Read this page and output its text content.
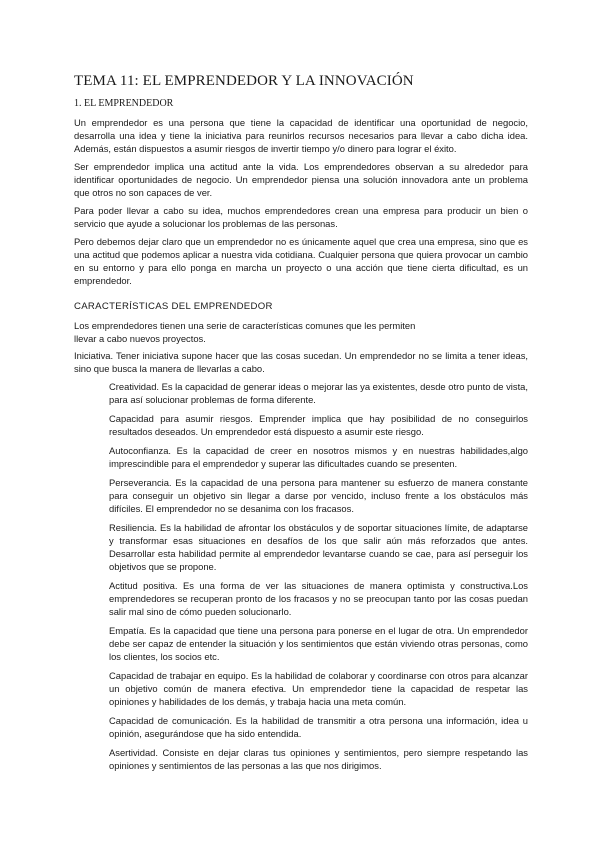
TEMA 11: EL EMPRENDEDOR Y LA INNOVACIÓN
1. EL EMPRENDEDOR

Un emprendedor es una persona que tiene la capacidad de identificar una oportunidad de negocio, desarrolla una idea y tiene la iniciativa para reunirlos recursos necesarios para llevar a cabo dicha idea. Además, están dispuestos a asumir riesgos de invertir tiempo y/o dinero para lograr el éxito.

Ser emprendedor implica una actitud ante la vida. Los emprendedores observan a su alrededor para identificar oportunidades de negocio. Un emprendedor piensa una solución innovadora ante un problema que otros no son capaces de ver.

Para poder llevar a cabo su idea, muchos emprendedores crean una empresa para producir un bien o servicio que ayude a solucionar los problemas de las personas.

Pero debemos dejar claro que un emprendedor no es únicamente aquel que crea una empresa, sino que es una actitud que podemos aplicar a nuestra vida cotidiana. Cualquier persona que quiera provocar un cambio en su entorno y para ello ponga en marcha un proyecto o una acción que tiene cierta dificultad, es un emprendedor.

CARACTERÍSTICAS DEL EMPRENDEDOR
Los emprendedores tienen una serie de características comunes que les permiten
llevar a cabo nuevos proyectos.

Iniciativa. Tener iniciativa supone hacer que las cosas sucedan. Un emprendedor no se limita a tener ideas, sino que busca la manera de llevarlas a cabo.

Creatividad. Es la capacidad de generar ideas o mejorar las ya existentes, desde otro punto de vista, para así solucionar problemas de forma diferente.

Capacidad para asumir riesgos. Emprender implica que hay posibilidad de no conseguirlos resultados deseados. Un emprendedor está dispuesto a asumir este riesgo.

Autoconfianza. Es la capacidad de creer en nosotros mismos y en nuestras habilidades,algo imprescindible para el emprendedor y superar las dificultades cuando se presenten.

Perseverancia. Es la capacidad de una persona para mantener su esfuerzo de manera constante para conseguir un objetivo sin llegar a darse por vencido, incluso frente a los obstáculos más difíciles. El emprendedor no se desanima con los fracasos.

Resiliencia. Es la habilidad de afrontar los obstáculos y de soportar situaciones límite, de adaptarse y transformar esas situaciones en desafíos de los que salir aún más reforzados que antes. Desarrollar esta habilidad permite al emprendedor levantarse cuando se cae, para así perseguir los objetivos que se propone.

Actitud positiva. Es una forma de ver las situaciones de manera optimista y constructiva.Los emprendedores se recuperan pronto de los fracasos y no se preocupan tanto por las cosas puedan salir mal sino de cómo pueden solucionarlo.

Empatía. Es la capacidad que tiene una persona para ponerse en el lugar de otra. Un emprendedor debe ser capaz de entender la situación y los sentimientos que están viviendo otras personas, como los clientes, los socios etc.

Capacidad de trabajar en equipo. Es la habilidad de colaborar y coordinarse con otros para alcanzar un objetivo común de manera efectiva. Un emprendedor tiene la capacidad de respetar las opiniones y habilidades de los demás, y trabaja hacia una meta común.

Capacidad de comunicación. Es la habilidad de transmitir a otra persona una información, idea u opinión, asegurándose que ha sido entendida.

Asertividad. Consiste en dejar claras tus opiniones y sentimientos, pero siempre respetando las opiniones y sentimientos de las personas a las que nos dirigimos.
